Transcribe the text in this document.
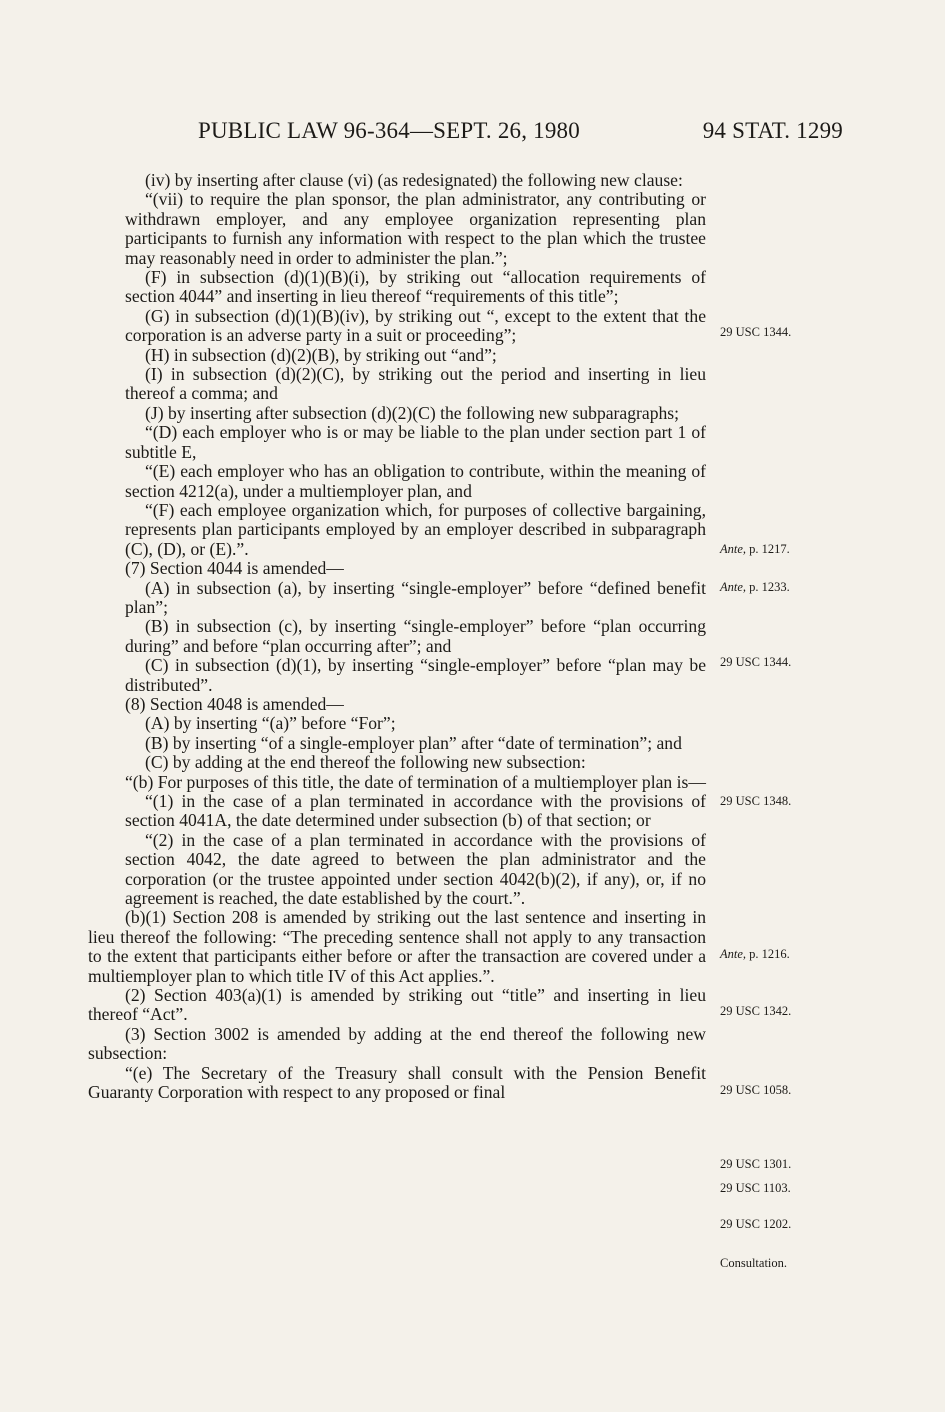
PUBLIC LAW 96-364—SEPT. 26, 1980	94 STAT. 1299

(iv) by inserting after clause (vi) (as redesignated) the following new clause:

“(vii) to require the plan sponsor, the plan administrator, any contributing or withdrawn employer, and any employee organization representing plan participants to furnish any information with respect to the plan which the trustee may reasonably need in order to administer the plan.”;

(F) in subsection (d)(1)(B)(i), by striking out “allocation requirements of section 4044” and inserting in lieu thereof “requirements of this title”;

(G) in subsection (d)(1)(B)(iv), by striking out “, except to the extent that the corporation is an adverse party in a suit or proceeding”;

(H) in subsection (d)(2)(B), by striking out “and”;

(I) in subsection (d)(2)(C), by striking out the period and inserting in lieu thereof a comma; and

(J) by inserting after subsection (d)(2)(C) the following new subparagraphs;

“(D) each employer who is or may be liable to the plan under section part 1 of subtitle E,

“(E) each employer who has an obligation to contribute, within the meaning of section 4212(a), under a multiemployer plan, and

“(F) each employee organization which, for purposes of collective bargaining, represents plan participants employed by an employer described in subparagraph (C), (D), or (E).”.

(7) Section 4044 is amended—

(A) in subsection (a), by inserting “single-employer” before “defined benefit plan”;

(B) in subsection (c), by inserting “single-employer” before “plan occurring during” and before “plan occurring after”; and

(C) in subsection (d)(1), by inserting “single-employer” before “plan may be distributed”.

(8) Section 4048 is amended—

(A) by inserting “(a)” before “For”;

(B) by inserting “of a single-employer plan” after “date of termination”; and

(C) by adding at the end thereof the following new subsection:

“(b) For purposes of this title, the date of termination of a multiemployer plan is—

“(1) in the case of a plan terminated in accordance with the provisions of section 4041A, the date determined under subsection (b) of that section; or

“(2) in the case of a plan terminated in accordance with the provisions of section 4042, the date agreed to between the plan administrator and the corporation (or the trustee appointed under section 4042(b)(2), if any), or, if no agreement is reached, the date established by the court.”.

(b)(1) Section 208 is amended by striking out the last sentence and inserting in lieu thereof the following: “The preceding sentence shall not apply to any transaction to the extent that participants either before or after the transaction are covered under a multiemployer plan to which title IV of this Act applies.”.

(2) Section 403(a)(1) is amended by striking out “title” and inserting in lieu thereof “Act”.

(3) Section 3002 is amended by adding at the end thereof the following new subsection:

“(e) The Secretary of the Treasury shall consult with the Pension Benefit Guaranty Corporation with respect to any proposed or final

29 USC 1344.
Ante, p. 1217.
Ante, p. 1233.
29 USC 1344.
29 USC 1348.
Ante, p. 1216.
29 USC 1342.
29 USC 1058.
29 USC 1301.
29 USC 1103.
29 USC 1202.
Consultation.
